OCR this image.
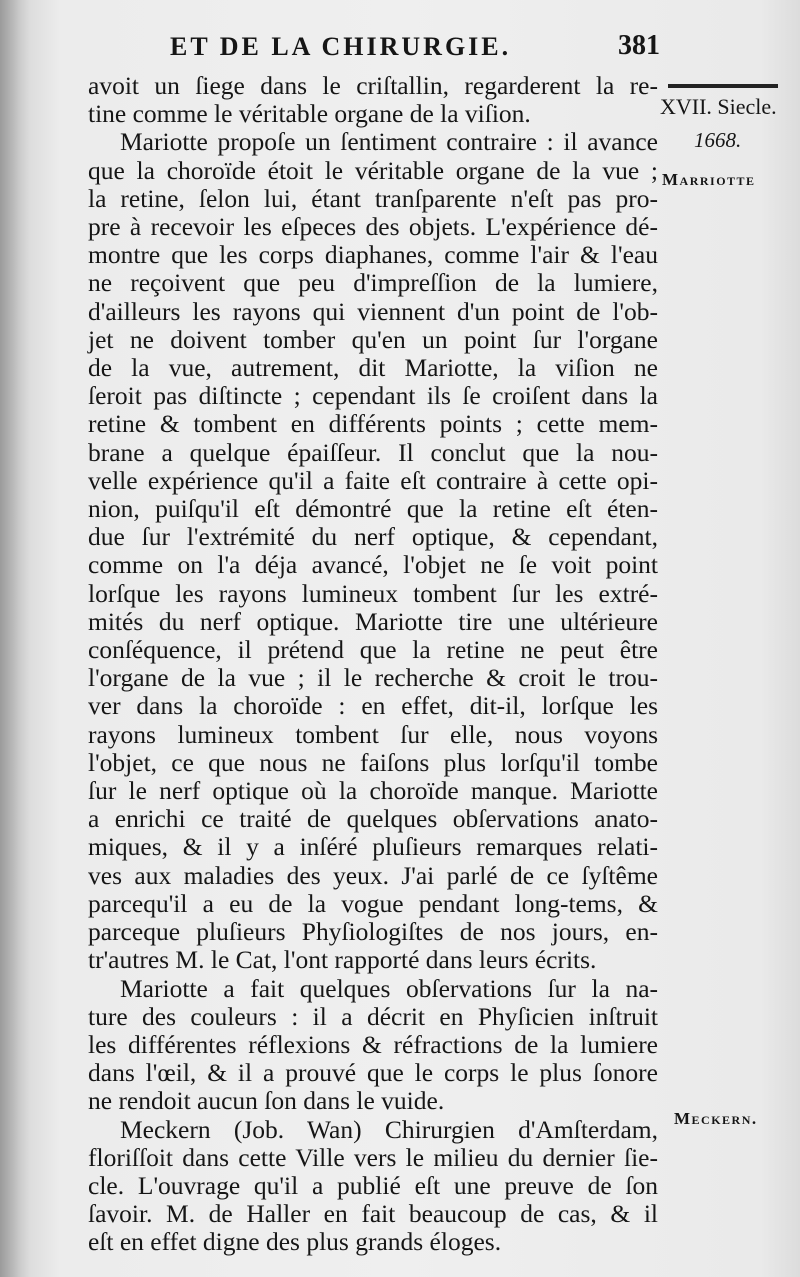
ET DE LA CHIRURGIE.	381

avoit un ſiege dans le criſtallin, regarderent la re-
tine comme le véritable organe de la viſion.

Mariotte propoſe un ſentiment contraire : il avance
que la choroïde étoit le véritable organe de la vue ;
la retine, ſelon lui, étant tranſparente n'eſt pas pro-
pre à recevoir les eſpeces des objets. L'expérience dé-
montre que les corps diaphanes, comme l'air & l'eau
ne reçoivent que peu d'impreſſion de la lumiere,
d'ailleurs les rayons qui viennent d'un point de l'ob-
jet ne doivent tomber qu'en un point ſur l'organe
de la vue, autrement, dit Mariotte, la viſion ne
ſeroit pas diſtincte ; cependant ils ſe croiſent dans la
retine & tombent en différents points ; cette mem-
brane a quelque épaiſſeur. Il conclut que la nou-
velle expérience qu'il a faite eſt contraire à cette opi-
nion, puiſqu'il eſt démontré que la retine eſt éten-
due ſur l'extrémité du nerf optique, & cependant,
comme on l'a déja avancé, l'objet ne ſe voit point
lorſque les rayons lumineux tombent ſur les extré-
mités du nerf optique. Mariotte tire une ultérieure
conſéquence, il prétend que la retine ne peut être
l'organe de la vue ; il le recherche & croit le trou-
ver dans la choroïde : en effet, dit-il, lorſque les
rayons lumineux tombent ſur elle, nous voyons
l'objet, ce que nous ne faiſons plus lorſqu'il tombe
ſur le nerf optique où la choroïde manque. Mariotte
a enrichi ce traité de quelques obſervations anato-
miques, & il y a inſéré pluſieurs remarques relati-
ves aux maladies des yeux. J'ai parlé de ce ſyſtême
parcequ'il a eu de la vogue pendant long-tems, &
parceque pluſieurs Phyſiologiſtes de nos jours, en-
tr'autres M. le Cat, l'ont rapporté dans leurs écrits.

Mariotte a fait quelques obſervations ſur la na-
ture des couleurs : il a décrit en Phyſicien inſtruit
les différentes réflexions & réfractions de la lumiere
dans l'œil, & il a prouvé que le corps le plus ſonore
ne rendoit aucun ſon dans le vuide.

Meckern (Job. Wan) Chirurgien d'Amſterdam,
floriſſoit dans cette Ville vers le milieu du dernier ſie-
cle. L'ouvrage qu'il a publié eſt une preuve de ſon
ſavoir. M. de Haller en fait beaucoup de cas, & il
eſt en effet digne des plus grands éloges.

XVII. Siecle.
1668.
Marriotte
Meckern.
